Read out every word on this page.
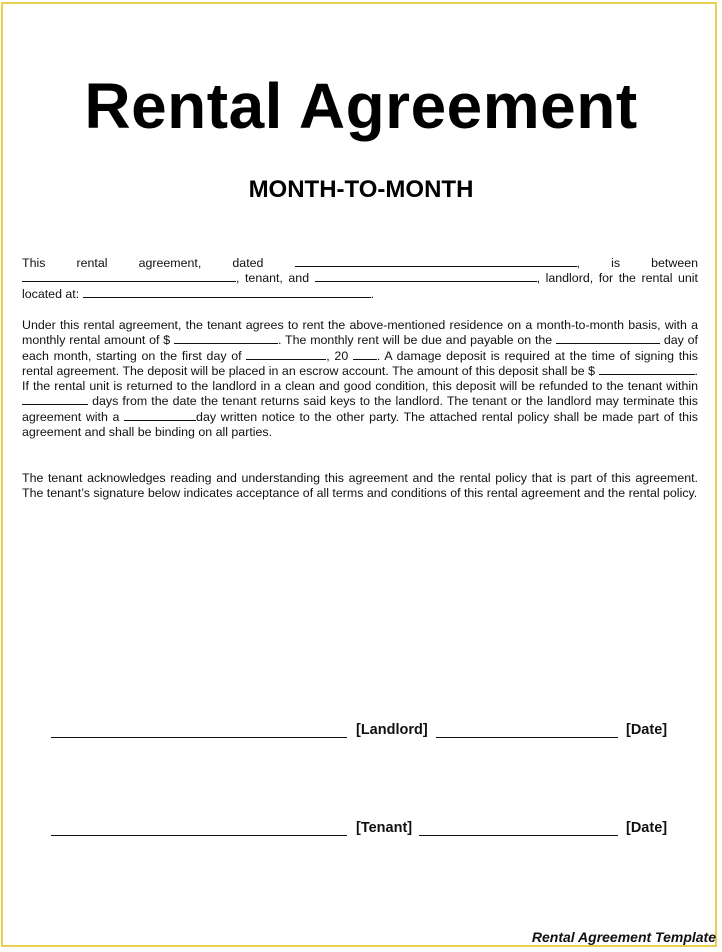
Rental Agreement
MONTH-TO-MONTH

This rental agreement, dated	, is between , tenant, and	, landlord, for the rental unit located at:	.

Under this rental agreement, the tenant agrees to rent the above-mentioned residence on a month-to-month basis, with a monthly rental amount of $	. The monthly rent will be due and payable on the	day of each month, starting on the first day of	, 20 . A damage deposit is required at the time of signing this rental agreement. The deposit will be placed in an escrow account. The amount of this deposit shall be $	. If the rental unit is returned to the landlord in a clean and good condition, this deposit will be refunded to the tenant within  days from the date the tenant returns said keys to the landlord. The tenant or the landlord may terminate this agreement with a	day written notice to the other party. The attached rental policy shall be made part of this agreement and shall be binding on all parties.

The tenant acknowledges reading and understanding this agreement and the rental policy that is part of this agreement. The tenant’s signature below indicates acceptance of all terms and conditions of this rental agreement and the rental policy.

[Landlord]	[Date]
[Tenant]	[Date]
Rental Agreement Template
